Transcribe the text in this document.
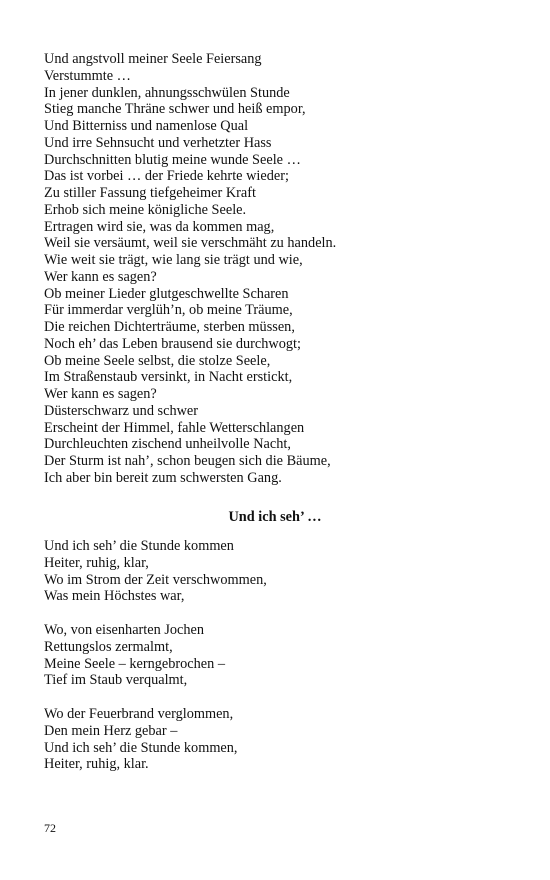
Und angstvoll meiner Seele Feiersang
Verstummte …
In jener dunklen, ahnungsschwülen Stunde
Stieg manche Thräne schwer und heiß empor,
Und Bitterniss und namenlose Qual
Und irre Sehnsucht und verhetzter Hass
Durchschnitten blutig meine wunde Seele …
Das ist vorbei … der Friede kehrte wieder;
Zu stiller Fassung tiefgeheimer Kraft
Erhob sich meine königliche Seele.
Ertragen wird sie, was da kommen mag,
Weil sie versäumt, weil sie verschmäht zu handeln.
Wie weit sie trägt, wie lang sie trägt und wie,
Wer kann es sagen?
Ob meiner Lieder glutgeschwellte Scharen
Für immerdar verglüh’n, ob meine Träume,
Die reichen Dichterträume, sterben müssen,
Noch eh’ das Leben brausend sie durchwogt;
Ob meine Seele selbst, die stolze Seele,
Im Straßenstaub versinkt, in Nacht erstickt,
Wer kann es sagen?
Düsterschwarz und schwer
Erscheint der Himmel, fahle Wetterschlangen
Durchleuchten zischend unheilvolle Nacht,
Der Sturm ist nah’, schon beugen sich die Bäume,
Ich aber bin bereit zum schwersten Gang.
Und ich seh’ …
Und ich seh’ die Stunde kommen
Heiter, ruhig, klar,
Wo im Strom der Zeit verschwommen,
Was mein Höchstes war,
Wo, von eisenharten Jochen
Rettungslos zermalmt,
Meine Seele – kerngebrochen –
Tief im Staub verqualmt,
Wo der Feuerbrand verglommen,
Den mein Herz gebar –
Und ich seh’ die Stunde kommen,
Heiter, ruhig, klar.
72
